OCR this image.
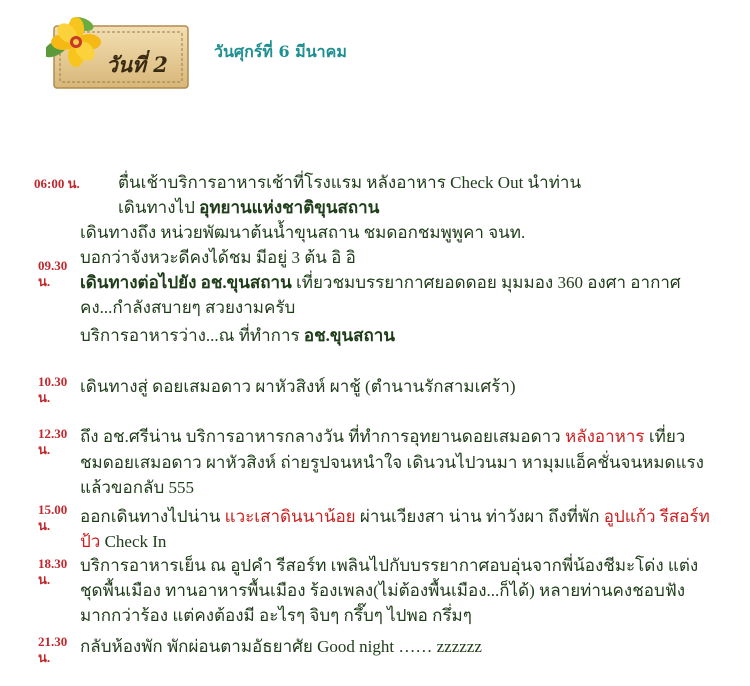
วันที่ 2
วันศุกร์ที่ 6 มีนาคม
06:00 น.
09.30
น.
10.30
น.
12.30
น.
15.00
น.
18.30
น.
21.30
น.
ตื่นเช้าบริการอาหารเช้าที่โรงแรม หลังอาหาร Check Out นำท่าน
เดินทางไป อุทยานแห่งชาติขุนสถาน
เดินทางถึง หน่วยพัฒนาต้นน้ำขุนสถาน ชมดอกชมพูพูคา จนท.
บอกว่าจังหวะดีคงได้ชม มีอยู่ 3 ต้น อิ อิ
เดินทางต่อไปยัง อช.ขุนสถาน เที่ยวชมบรรยากาศยอดดอย มุมมอง 360 องศา อากาศ
คง...กำลังสบายๆ สวยงามครับ
บริการอาหารว่าง...ณ ที่ทำการ อช.ขุนสถาน
เดินทางสู่ ดอยเสมอดาว ผาหัวสิงห์ ผาชู้ (ตำนานรักสามเศร้า)
ถึง อช.ศรีน่าน บริการอาหารกลางวัน ที่ทำการอุทยานดอยเสมอดาว หลังอาหาร เที่ยว
ชมดอยเสมอดาว ผาหัวสิงห์ ถ่ายรูปจนหนำใจ เดินวนไปวนมา หามุมแอ็คชั่นจนหมดแรง
แล้วขอกลับ 555
ออกเดินทางไปน่าน แวะเสาดินนาน้อย ผ่านเวียงสา น่าน ท่าวังผา ถึงที่พัก อูปแก้ว รีสอร์ท
ป้ว Check In
บริการอาหารเย็น ณ อูปคำ รีสอร์ท เพลินไปกับบรรยากาศอบอุ่นจากพี่น้องชีมะโด่ง แต่ง
ชุดพื้นเมือง ทานอาหารพื้นเมือง ร้องเพลง(ไม่ต้องพื้นเมือง...ก็ได้) หลายท่านคงชอบฟัง
มากกว่าร้อง แต่คงต้องมี อะไรๆ จิบๆ กรึ๊บๆ ไปพอ กรึ่มๆ
กลับห้องพัก พักผ่อนตามอัธยาศัย Good night …… zzzzzz
